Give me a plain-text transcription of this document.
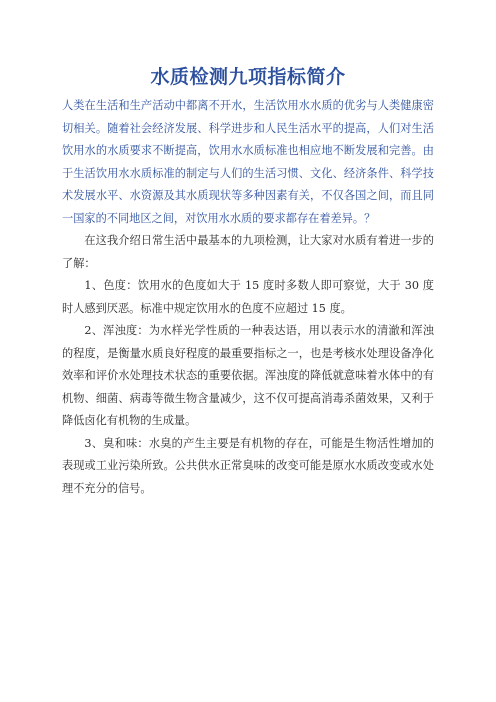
水质检测九项指标简介

人类在生活和生产活动中都离不开水，生活饮用水水质的优劣与人类健康密切相关。随着社会经济发展、科学进步和人民生活水平的提高，人们对生活饮用水的水质要求不断提高，饮用水水质标准也相应地不断发展和完善。由于生活饮用水水质标准的制定与人们的生活习惯、文化、经济条件、科学技术发展水平、水资源及其水质现状等多种因素有关，不仅各国之间，而且同一国家的不同地区之间，对饮用水水质的要求都存在着差异。？

在这我介绍日常生活中最基本的九项检测，让大家对水质有着进一步的了解：

1、色度：饮用水的色度如大于 15 度时多数人即可察觉，大于 30 度时人感到厌恶。标准中规定饮用水的色度不应超过 15 度。

2、浑浊度：为水样光学性质的一种表达语，用以表示水的清澈和浑浊的程度，是衡量水质良好程度的最重要指标之一，也是考核水处理设备净化效率和评价水处理技术状态的重要依据。浑浊度的降低就意味着水体中的有机物、细菌、病毒等微生物含量减少，这不仅可提高消毒杀菌效果，又利于降低卤化有机物的生成量。

3、臭和味：水臭的产生主要是有机物的存在，可能是生物活性增加的表现或工业污染所致。公共供水正常臭味的改变可能是原水水质改变或水处理不充分的信号。
